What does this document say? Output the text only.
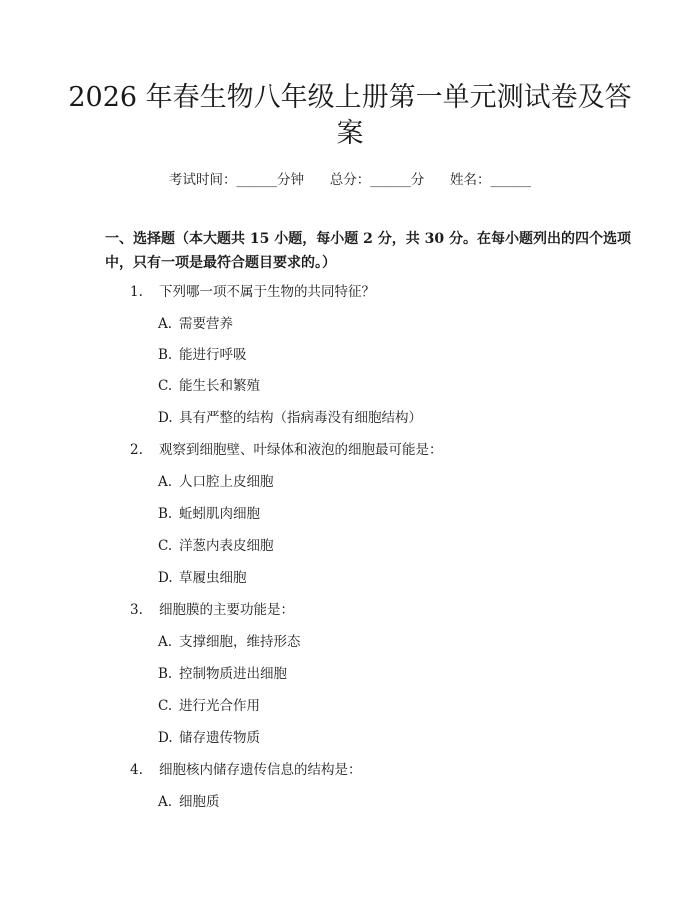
2026 年春生物八年级上册第一单元测试卷及答案
考试时间：______分钟      总分：______分      姓名：______

一、选择题（本大题共 15 小题，每小题 2 分，共 30 分。在每小题列出的四个选项中，只有一项是最符合题目要求的。）

1. 下列哪一项不属于生物的共同特征？
A. 需要营养
B. 能进行呼吸
C. 能生长和繁殖
D. 具有严整的结构（指病毒没有细胞结构）
2. 观察到细胞壁、叶绿体和液泡的细胞最可能是：
A. 人口腔上皮细胞
B. 蚯蚓肌肉细胞
C. 洋葱内表皮细胞
D. 草履虫细胞
3. 细胞膜的主要功能是：
A. 支撑细胞，维持形态
B. 控制物质进出细胞
C. 进行光合作用
D. 储存遗传物质
4. 细胞核内储存遗传信息的结构是：
A. 细胞质
